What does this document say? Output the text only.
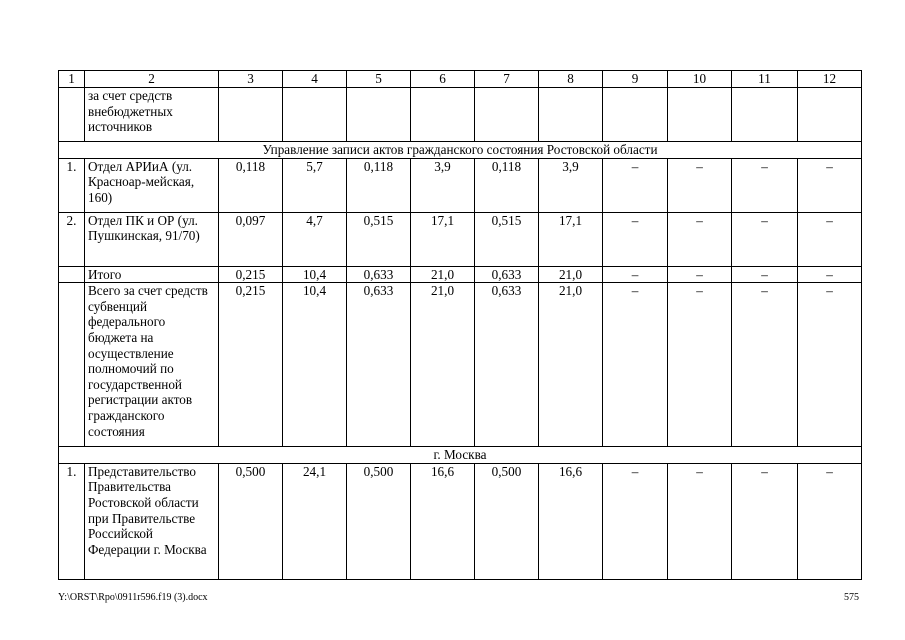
1	2	3	4	5	6	7	8	9	10	11	12
	за счет средств внебюджетных источников										
Управление записи актов гражданского состояния Ростовской области											
1.	Отдел АРИиА (ул. Красноар-мейская, 160)	0,118	5,7	0,118	3,9	0,118	3,9	–	–	–	–
2.	Отдел ПК и ОР (ул. Пушкинская, 91/70)	0,097	4,7	0,515	17,1	0,515	17,1	–	–	–	–
	Итого	0,215	10,4	0,633	21,0	0,633	21,0	–	–	–	–
	Всего за счет средств субвенций федерального бюджета на осуществление полномочий по государственной регистрации актов гражданского состояния	0,215	10,4	0,633	21,0	0,633	21,0	–	–	–	–
г. Москва											
1.	Представительство Правительства Ростовской области при Правительстве Российской Федерации г. Москва	0,500	24,1	0,500	16,6	0,500	16,6	–	–	–	–
Y:\ORST\Rpo\0911r596.f19 (3).docx	575
